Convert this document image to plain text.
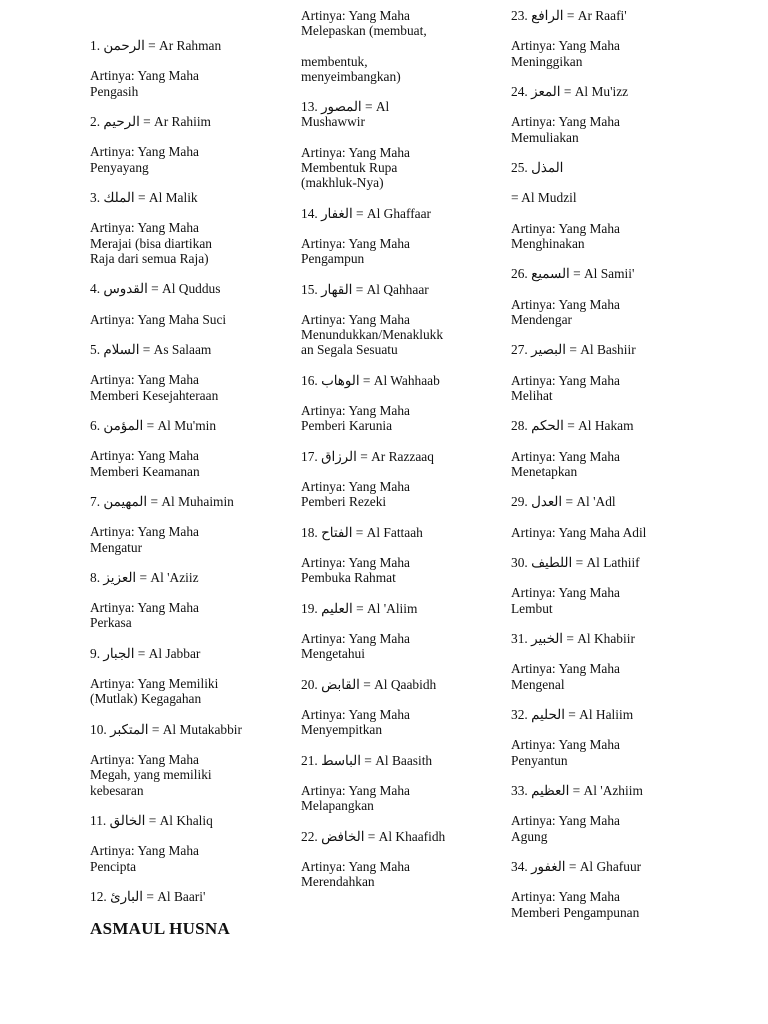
1. الرحمن = Ar Rahman

Artinya: Yang Maha
Pengasih

2. الرحيم = Ar Rahiim

Artinya: Yang Maha
Penyayang

3. الملك = Al Malik

Artinya: Yang Maha
Merajai (bisa diartikan
Raja dari semua Raja)

4. القدوس = Al Quddus

Artinya: Yang Maha Suci

5. السلام = As Salaam

Artinya: Yang Maha
Memberi Kesejahteraan

6. المؤمن = Al Mu'min

Artinya: Yang Maha
Memberi Keamanan

7. المهيمن = Al Muhaimin

Artinya: Yang Maha
Mengatur

8. العزيز = Al 'Aziiz

Artinya: Yang Maha
Perkasa

9. الجبار = Al Jabbar

Artinya: Yang Memiliki
(Mutlak) Kegagahan

10. المتكبر = Al Mutakabbir

Artinya: Yang Maha
Megah, yang memiliki
kebesaran

11. الخالق = Al Khaliq

Artinya: Yang Maha
Pencipta

12. البارئ = Al Baari'

ASMAUL HUSNA

Artinya: Yang Maha
Melepaskan (membuat,

membentuk,
menyeimbangkan)

13. المصور = Al
Mushawwir

Artinya: Yang Maha
Membentuk Rupa
(makhluk-Nya)

14. الغفار = Al Ghaffaar

Artinya: Yang Maha
Pengampun

15. القهار = Al Qahhaar

Artinya: Yang Maha
Menundukkan/Menaklukk
an Segala Sesuatu

16. الوهاب = Al Wahhaab

Artinya: Yang Maha
Pemberi Karunia

17. الرزاق = Ar Razzaaq

Artinya: Yang Maha
Pemberi Rezeki

18. الفتاح = Al Fattaah

Artinya: Yang Maha
Pembuka Rahmat

19. العليم = Al 'Aliim

Artinya: Yang Maha
Mengetahui

20. القابض = Al Qaabidh

Artinya: Yang Maha
Menyempitkan

21. الباسط = Al Baasith

Artinya: Yang Maha
Melapangkan

22. الخافض = Al Khaafidh

Artinya: Yang Maha
Merendahkan

23. الرافع = Ar Raafi'

Artinya: Yang Maha
Meninggikan

24. المعز = Al Mu'izz

Artinya: Yang Maha
Memuliakan

25. المذل

= Al Mudzil

Artinya: Yang Maha
Menghinakan

26. السميع = Al Samii'

Artinya: Yang Maha
Mendengar

27. البصير = Al Bashiir

Artinya: Yang Maha
Melihat

28. الحكم = Al Hakam

Artinya: Yang Maha
Menetapkan

29. العدل = Al 'Adl

Artinya: Yang Maha Adil

30. اللطيف = Al Lathiif

Artinya: Yang Maha
Lembut

31. الخبير = Al Khabiir

Artinya: Yang Maha
Mengenal

32. الحليم = Al Haliim

Artinya: Yang Maha
Penyantun

33. العظيم = Al 'Azhiim

Artinya: Yang Maha
Agung

34. الغفور = Al Ghafuur

Artinya: Yang Maha
Memberi Pengampunan
